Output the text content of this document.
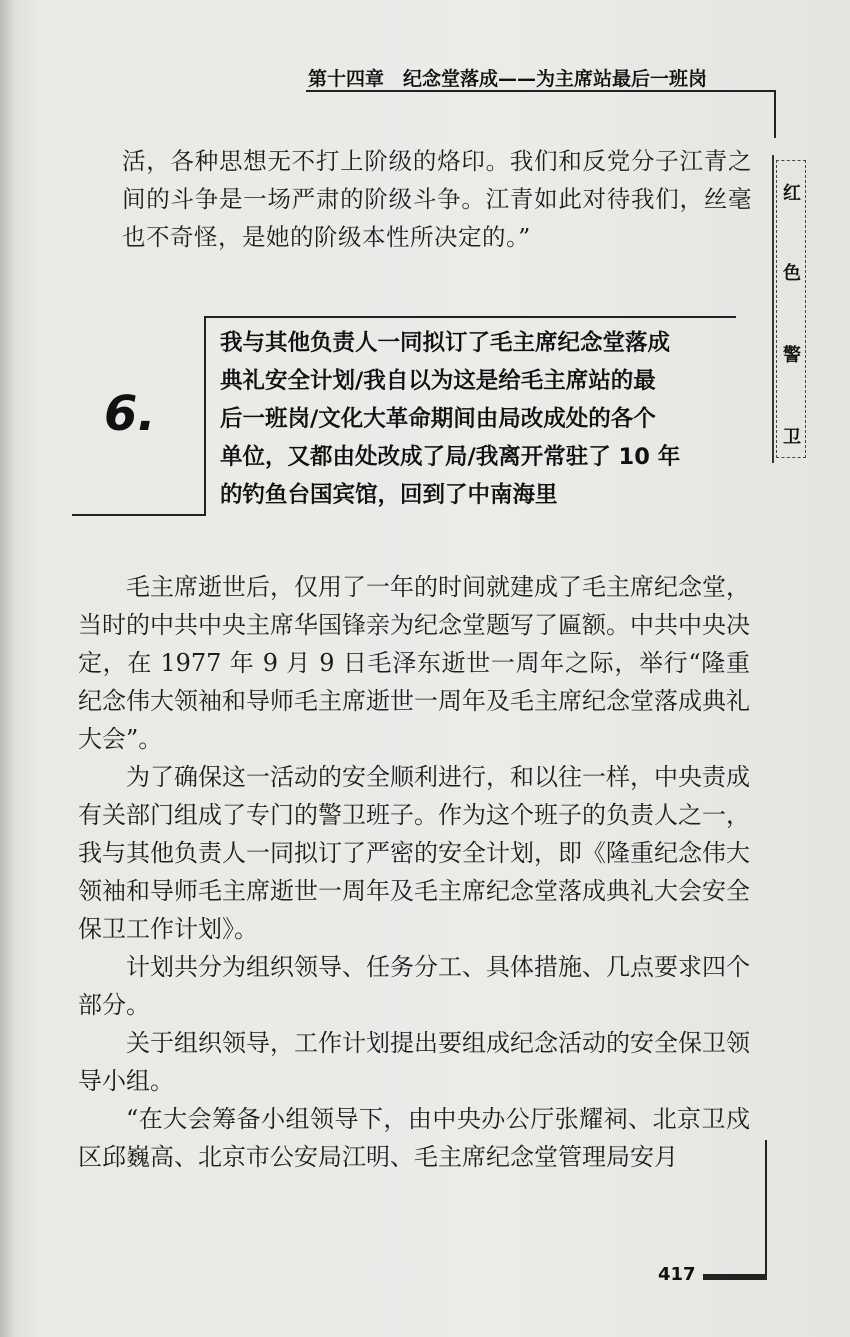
第十四章　纪念堂落成——为主席站最后一班岗
红
色
警
卫
活，各种思想无不打上阶级的烙印。我们和反党分子江青之间的斗争是一场严肃的阶级斗争。江青如此对待我们，丝毫也不奇怪，是她的阶级本性所决定的。”
6.
我与其他负责人一同拟订了毛主席纪念堂落成
典礼安全计划/我自以为这是给毛主席站的最
后一班岗/文化大革命期间由局改成处的各个
单位，又都由处改成了局/我离开常驻了 10 年
的钓鱼台国宾馆，回到了中南海里

毛主席逝世后，仅用了一年的时间就建成了毛主席纪念堂，当时的中共中央主席华国锋亲为纪念堂题写了匾额。中共中央决定，在 1977 年 9 月 9 日毛泽东逝世一周年之际，举行“隆重纪念伟大领袖和导师毛主席逝世一周年及毛主席纪念堂落成典礼大会”。

为了确保这一活动的安全顺利进行，和以往一样，中央责成有关部门组成了专门的警卫班子。作为这个班子的负责人之一，我与其他负责人一同拟订了严密的安全计划，即《隆重纪念伟大领袖和导师毛主席逝世一周年及毛主席纪念堂落成典礼大会安全保卫工作计划》。

计划共分为组织领导、任务分工、具体措施、几点要求四个部分。

关于组织领导，工作计划提出要组成纪念活动的安全保卫领导小组。

“在大会筹备小组领导下，由中央办公厅张耀祠、北京卫戍区邱巍高、北京市公安局江明、毛主席纪念堂管理局安月

417
